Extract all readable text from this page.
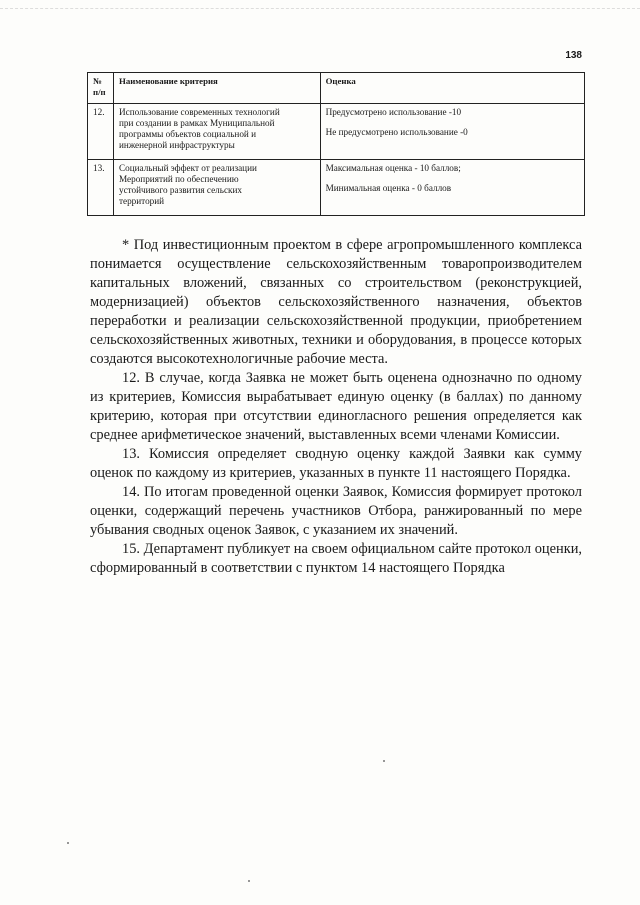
138
№ п/п	Наименование критерия	Оценка
12.	Использование современных технологий
при создании в рамках Муниципальной
программы объектов социальной и
инженерной инфраструктуры	Предусмотрено использование -10
Не предусмотрено использование -0

13.	Социальный эффект от реализации
Мероприятий по обеспечению
устойчивого развития сельских
территорий	Максимальная оценка - 10 баллов;
Минимальная оценка - 0 баллов

* Под инвестиционным проектом в сфере агропромышленного комплекса понимается осуществление сельскохозяйственным товаропроизводителем капитальных вложений, связанных со строительством (реконструкцией, модернизацией) объектов сельскохозяйственного назначения, объектов переработки и реализации сельскохозяйственной продукции, приобретением сельскохозяйственных животных, техники и оборудования, в процессе которых создаются высокотехнологичные рабочие места.

12. В случае, когда Заявка не может быть оценена однозначно по одному из критериев, Комиссия вырабатывает единую оценку (в баллах) по данному критерию, которая при отсутствии единогласного решения определяется как среднее арифметическое значений, выставленных всеми членами Комиссии.

13. Комиссия определяет сводную оценку каждой Заявки как сумму оценок по каждому из критериев, указанных в пункте 11 настоящего Порядка.

14. По итогам проведенной оценки Заявок, Комиссия формирует протокол оценки, содержащий перечень участников Отбора, ранжированный по мере убывания сводных оценок Заявок, с указанием их значений.

15. Департамент публикует на своем официальном сайте протокол оценки, сформированный в соответствии с пунктом 14 настоящего Порядка
